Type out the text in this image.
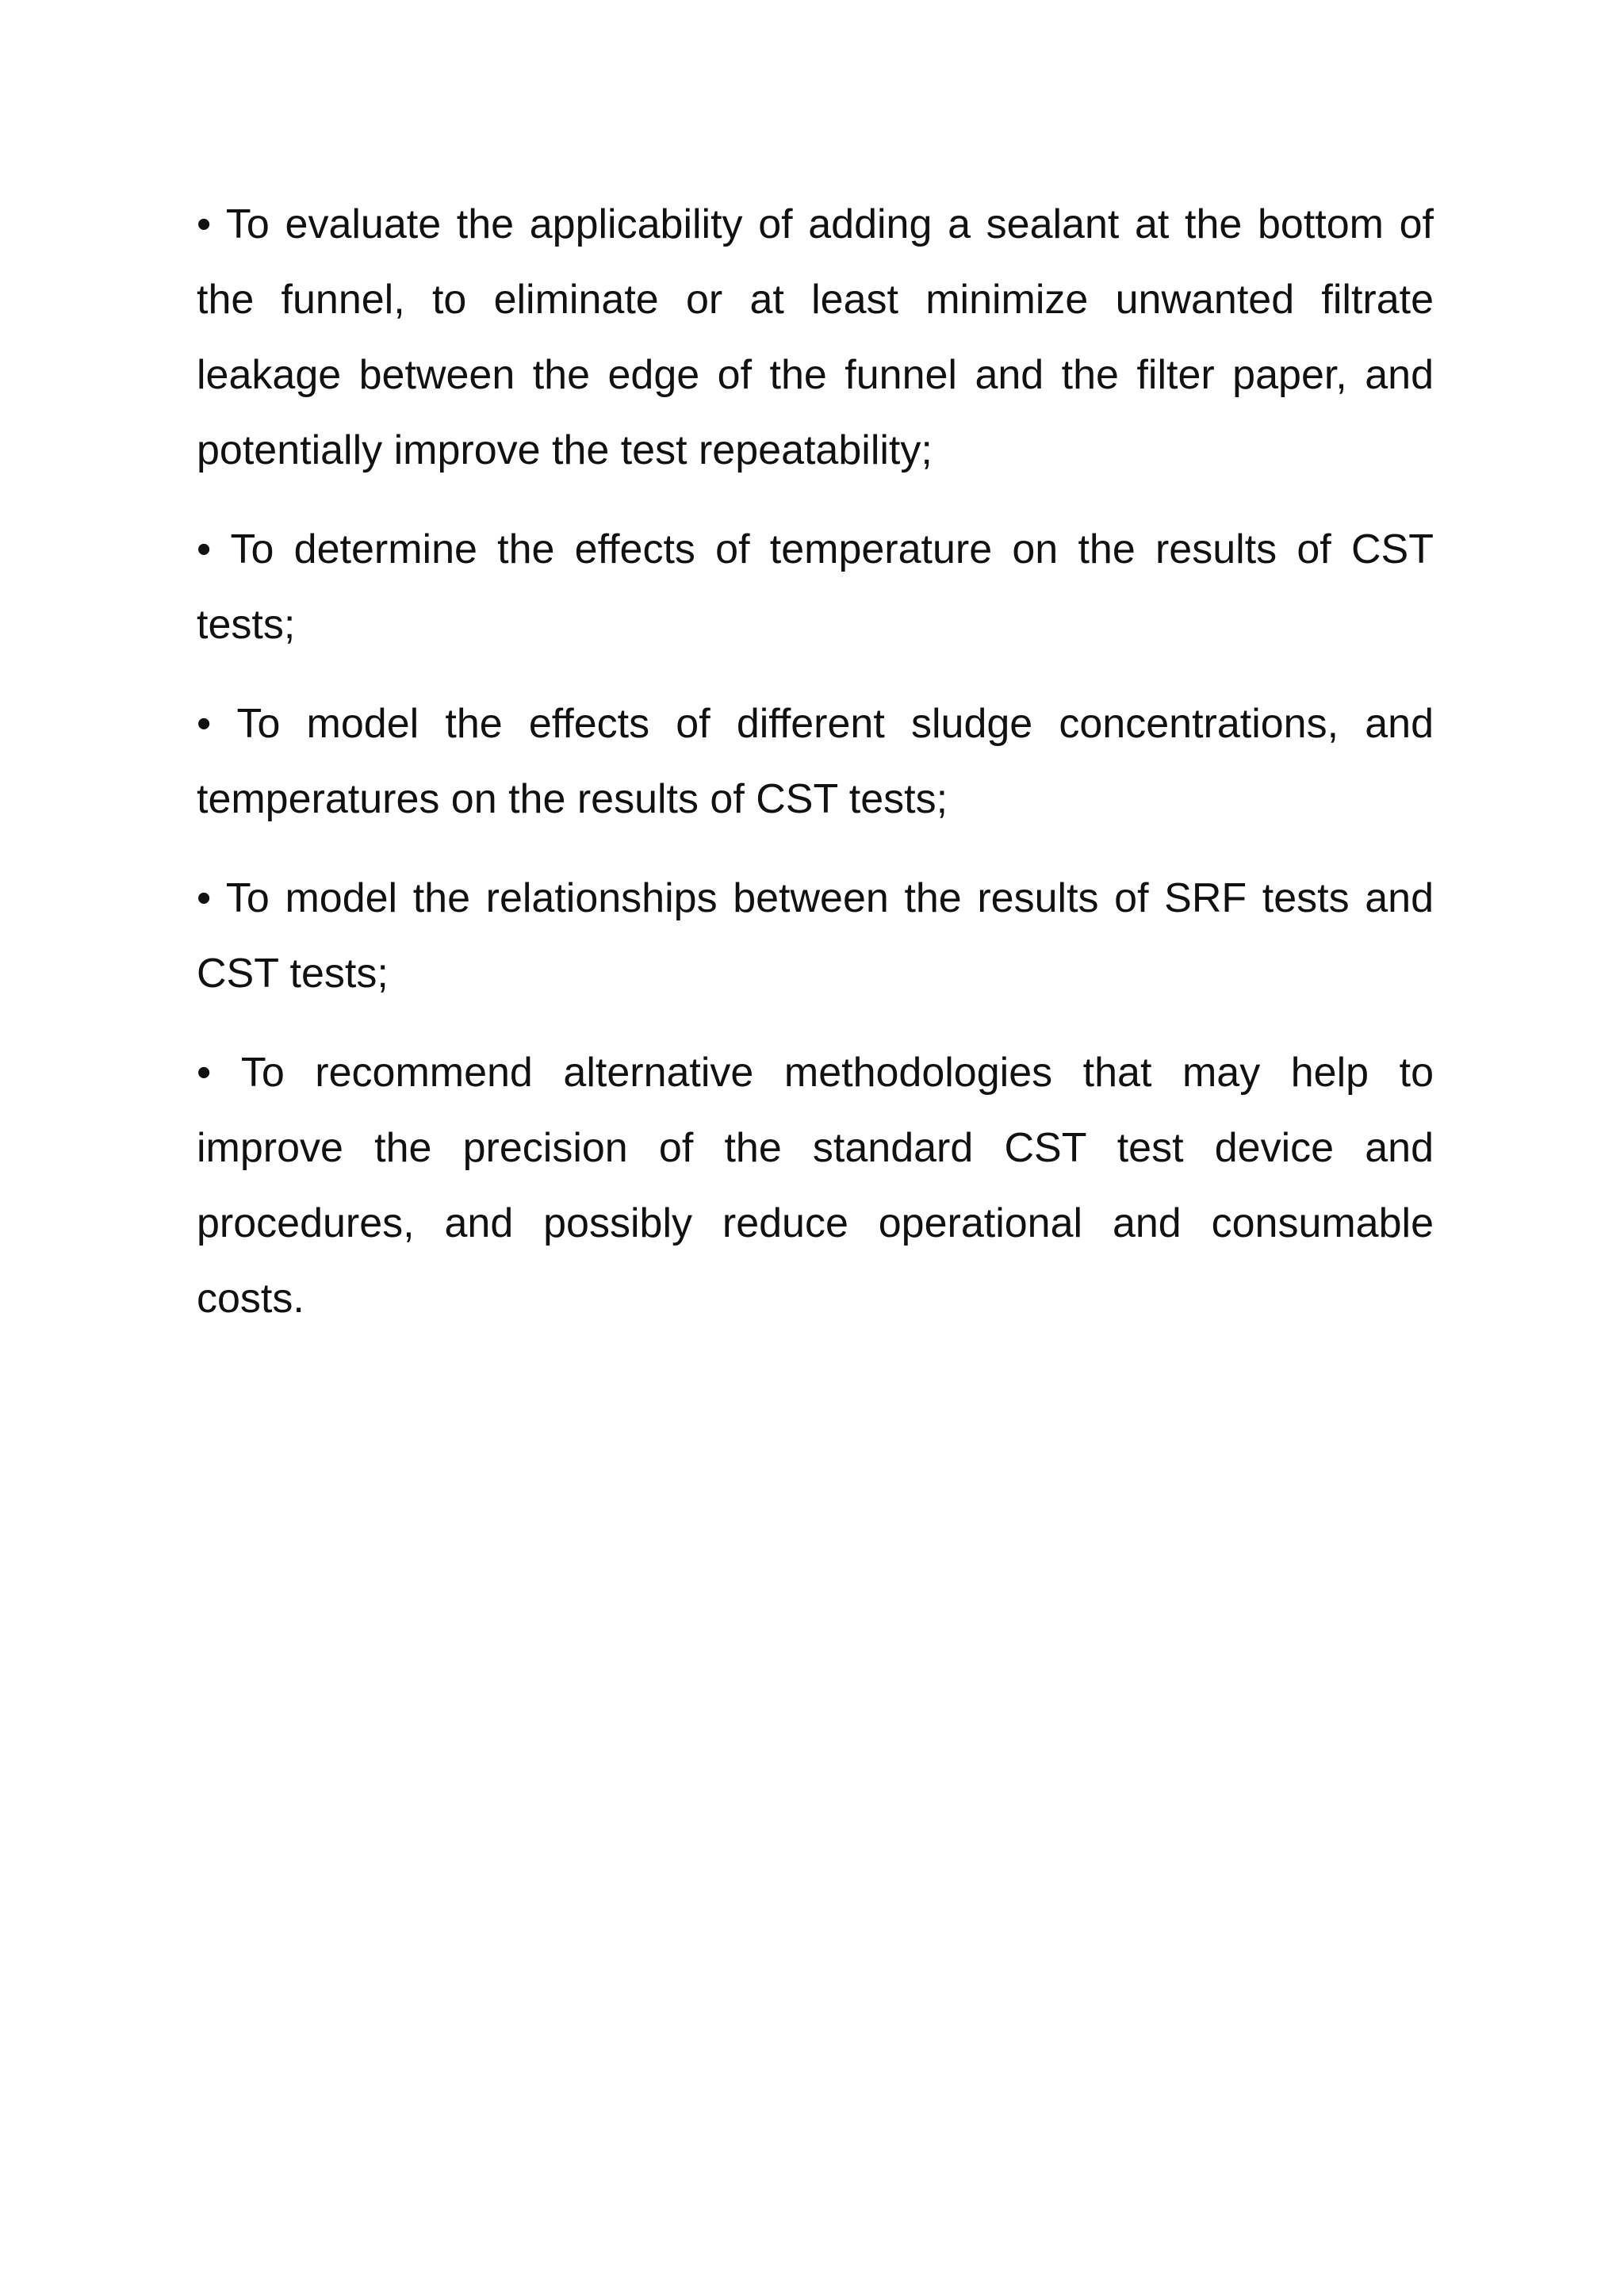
• To evaluate the applicability of adding a sealant at the bottom of the funnel, to eliminate or at least minimize unwanted filtrate leakage between the edge of the funnel and the filter paper, and potentially improve the test repeatability;

• To determine the effects of temperature on the results of CST tests;

• To model the effects of different sludge concentrations, and temperatures on the results of CST tests;

• To model the relationships between the results of SRF tests and CST tests;

• To recommend alternative methodologies that may help to improve the precision of the standard CST test device and procedures, and possibly reduce operational and consumable costs.
